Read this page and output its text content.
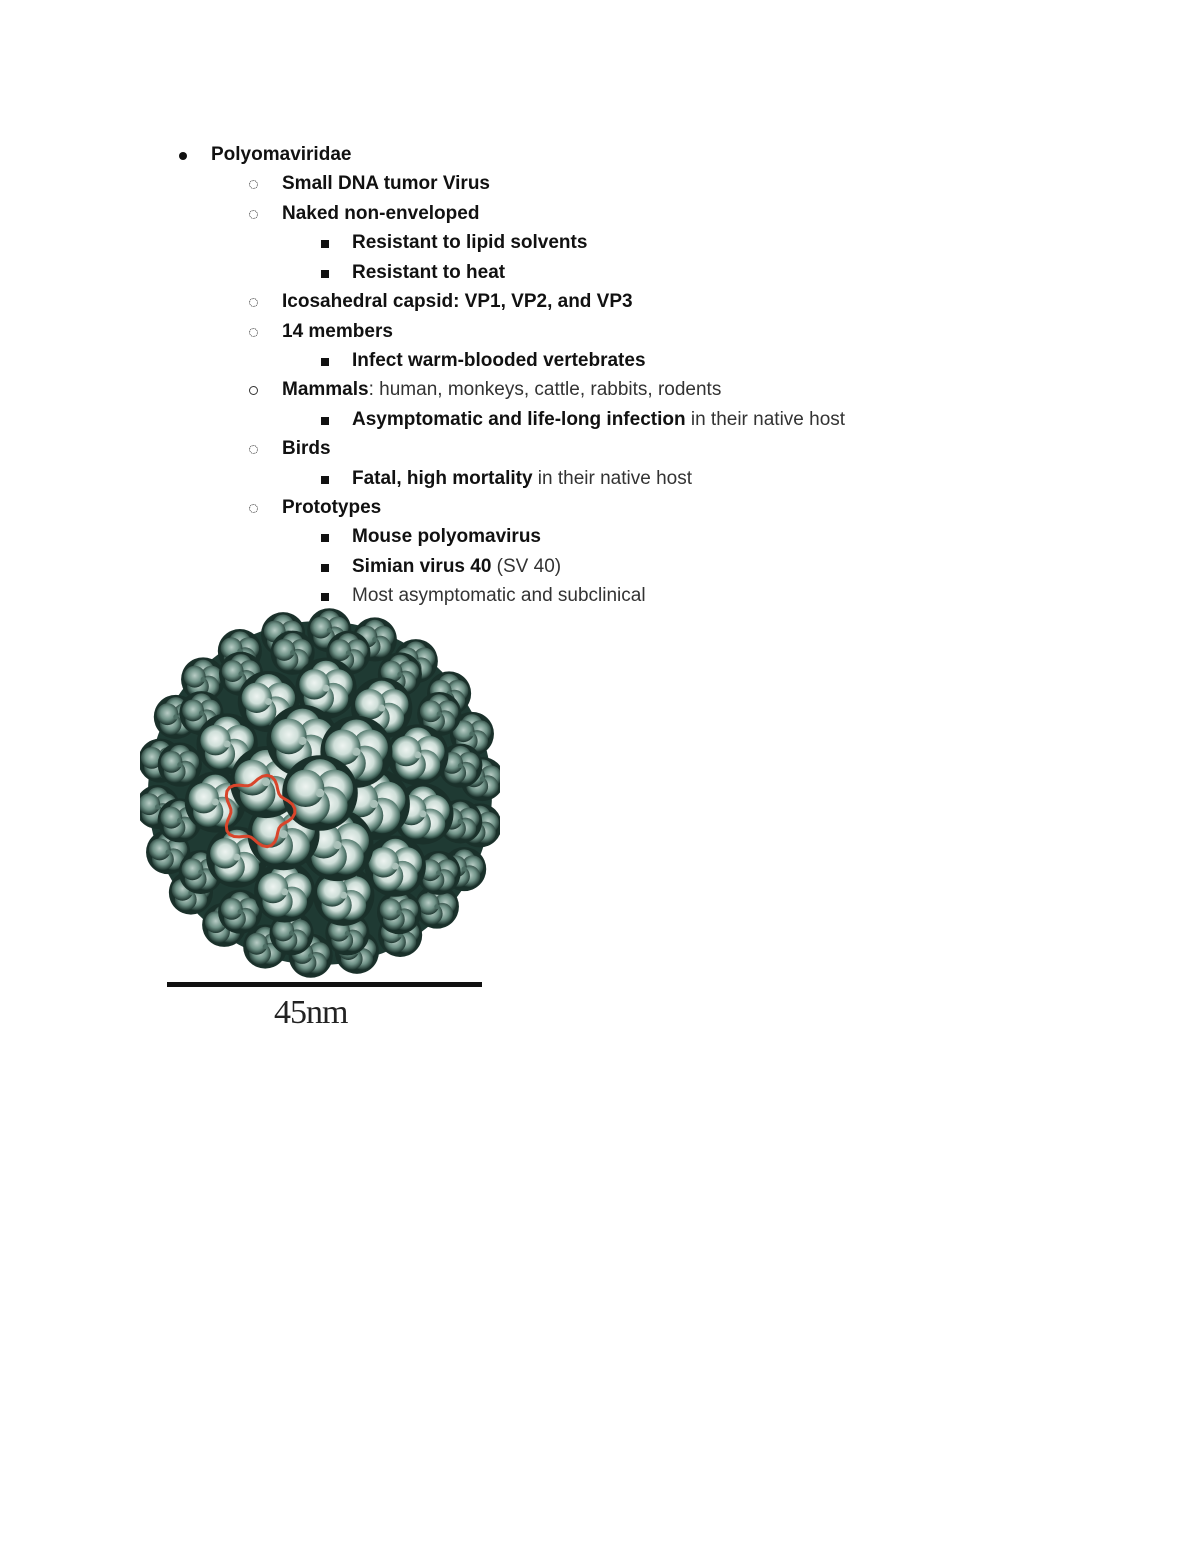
Polyomaviridae
Small DNA tumor Virus
Naked non-enveloped
Resistant to lipid solvents
Resistant to heat
Icosahedral capsid: VP1, VP2, and VP3
14 members
Infect warm-blooded vertebrates
Mammals: human, monkeys, cattle, rabbits, rodents
Asymptomatic and life-long infection in their native host
Birds
Fatal, high mortality in their native host
Prototypes
Mouse polyomavirus
Simian virus 40 (SV 40)
Most asymptomatic and subclinical
45nm
